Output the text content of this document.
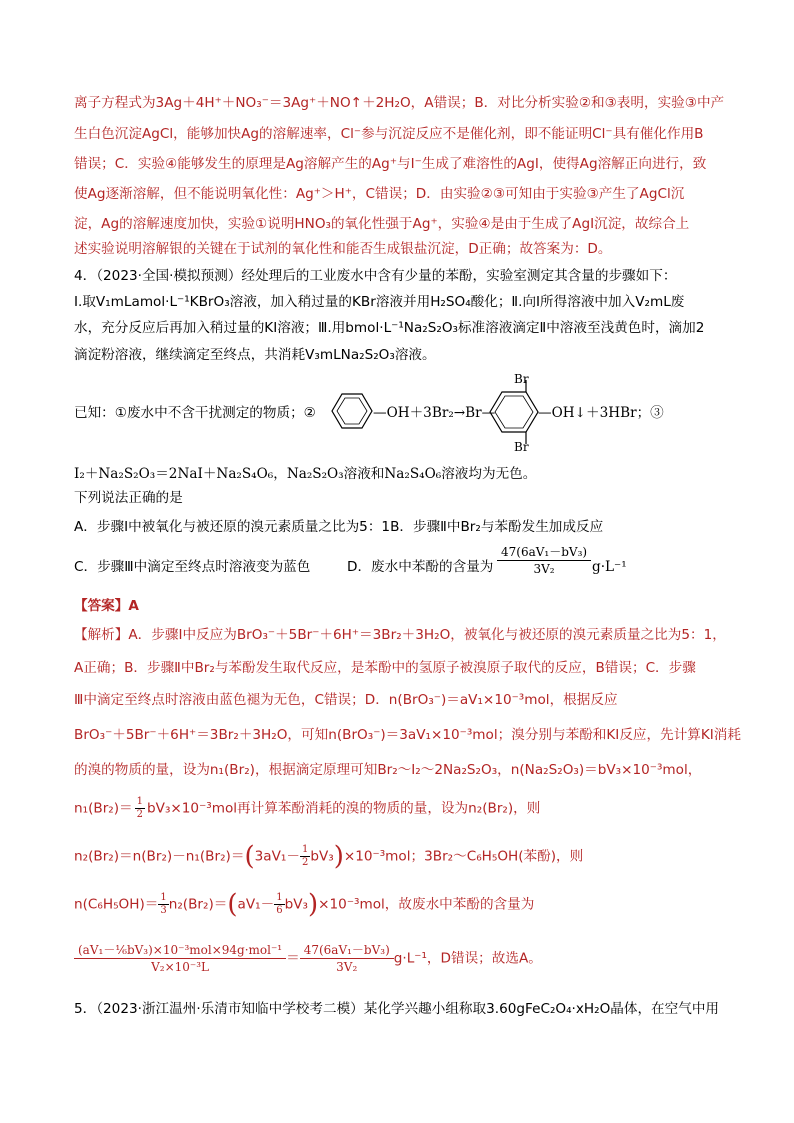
离子方程式为3Ag＋4H⁺＋NO₃⁻＝3Ag⁺＋NO↑＋2H₂O，A错误；B．对比分析实验②和③表明，实验③中产
生白色沉淀AgCl，能够加快Ag的溶解速率，Cl⁻参与沉淀反应不是催化剂，即不能证明Cl⁻具有催化作用B
错误；C．实验④能够发生的原理是Ag溶解产生的Ag⁺与I⁻生成了难溶性的AgI，使得Ag溶解正向进行，致
使Ag逐渐溶解，但不能说明氧化性：Ag⁺＞H⁺，C错误；D．由实验②③可知由于实验③产生了AgCl沉
淀，Ag的溶解速度加快，实验①说明HNO₃的氧化性强于Ag⁺，实验④是由于生成了AgI沉淀，故综合上
述实验说明溶解银的关键在于试剂的氧化性和能否生成银盐沉淀，D正确；故答案为：D。
4．（2023·全国·模拟预测）经处理后的工业废水中含有少量的苯酚，实验室测定其含量的步骤如下：
Ⅰ.取V₁mLamol·L⁻¹KBrO₃溶液，加入稍过量的KBr溶液并用H₂SO₄酸化；Ⅱ.向Ⅰ所得溶液中加入V₂mL废
水，充分反应后再加入稍过量的KI溶液；Ⅲ.用bmol·L⁻¹Na₂S₂O₃标准溶液滴定Ⅱ中溶液至浅黄色时，滴加2
滴淀粉溶液，继续滴定至终点，共消耗V₃mLNa₂S₂O₃溶液。
已知：①废水中不含干扰测定的物质；②	—OH＋3Br₂→Br—
Br
Br
—OH↓＋3HBr；③
I₂＋Na₂S₂O₃＝2NaI＋Na₂S₄O₆，Na₂S₂O₃溶液和Na₂S₄O₆溶液均为无色。
下列说法正确的是
A．步骤Ⅰ中被氧化与被还原的溴元素质量之比为5：1B．步骤Ⅱ中Br₂与苯酚发生加成反应
C．步骤Ⅲ中滴定至终点时溶液变为蓝色	D．废水中苯酚的含量为 $\frac{\text{47(6aV₁－bV₃)}}{\text{3V₂}} g\cdot L^{-1}$
【答案】A
【解析】A．步骤Ⅰ中反应为BrO₃⁻＋5Br⁻＋6H⁺＝3Br₂＋3H₂O，被氧化与被还原的溴元素质量之比为5：1，
A正确；B．步骤Ⅱ中Br₂与苯酚发生取代反应，是苯酚中的氢原子被溴原子取代的反应，B错误；C．步骤
Ⅲ中滴定至终点时溶液由蓝色褪为无色，C错误；D．n(BrO₃⁻)＝aV₁×10⁻³mol，根据反应
BrO₃⁻＋5Br⁻＋6H⁺＝3Br₂＋3H₂O，可知n(BrO₃⁻)＝3aV₁×10⁻³mol；溴分别与苯酚和KI反应，先计算KI消耗
的溴的物质的量，设为n₁(Br₂)，根据滴定原理可知Br₂～I₂～2Na₂S₂O₃，n(Na₂S₂O₃)＝bV₃×10⁻³mol，
$n_1(Br_2)= \frac{1}{2} bV_3\times 10^{-3}mol$再计算苯酚消耗的溴的物质的量，设为n₂(Br₂)，则
$n_2(Br_2)=n(Br_2)-n_1(Br_2)=(3aV_1- \frac{1}{2} bV_3)\times 10^{-3}mol$；3Br₂～C₆H₅OH(苯酚)，则
$n(C_6H_5OH)= \frac{1}{3} n_2(Br_2)=(aV_1- \frac{1}{6} bV_3)\times 10^{-3}mol$，故废水中苯酚的含量为
$\frac{\text{(aV₁－⅙bV₃)×10⁻³mol×94g·mol⁻¹}}{\text{V₂×10⁻³L}} = \frac{\text{47(6aV₁－bV₃)}}{\text{3V₂}} g\cdot L^{-1}$，D错误；故选A。
5．（2023·浙江温州·乐清市知临中学校考二模）某化学兴趣小组称取3.60gFeC₂O₄·xH₂O晶体，在空气中用
